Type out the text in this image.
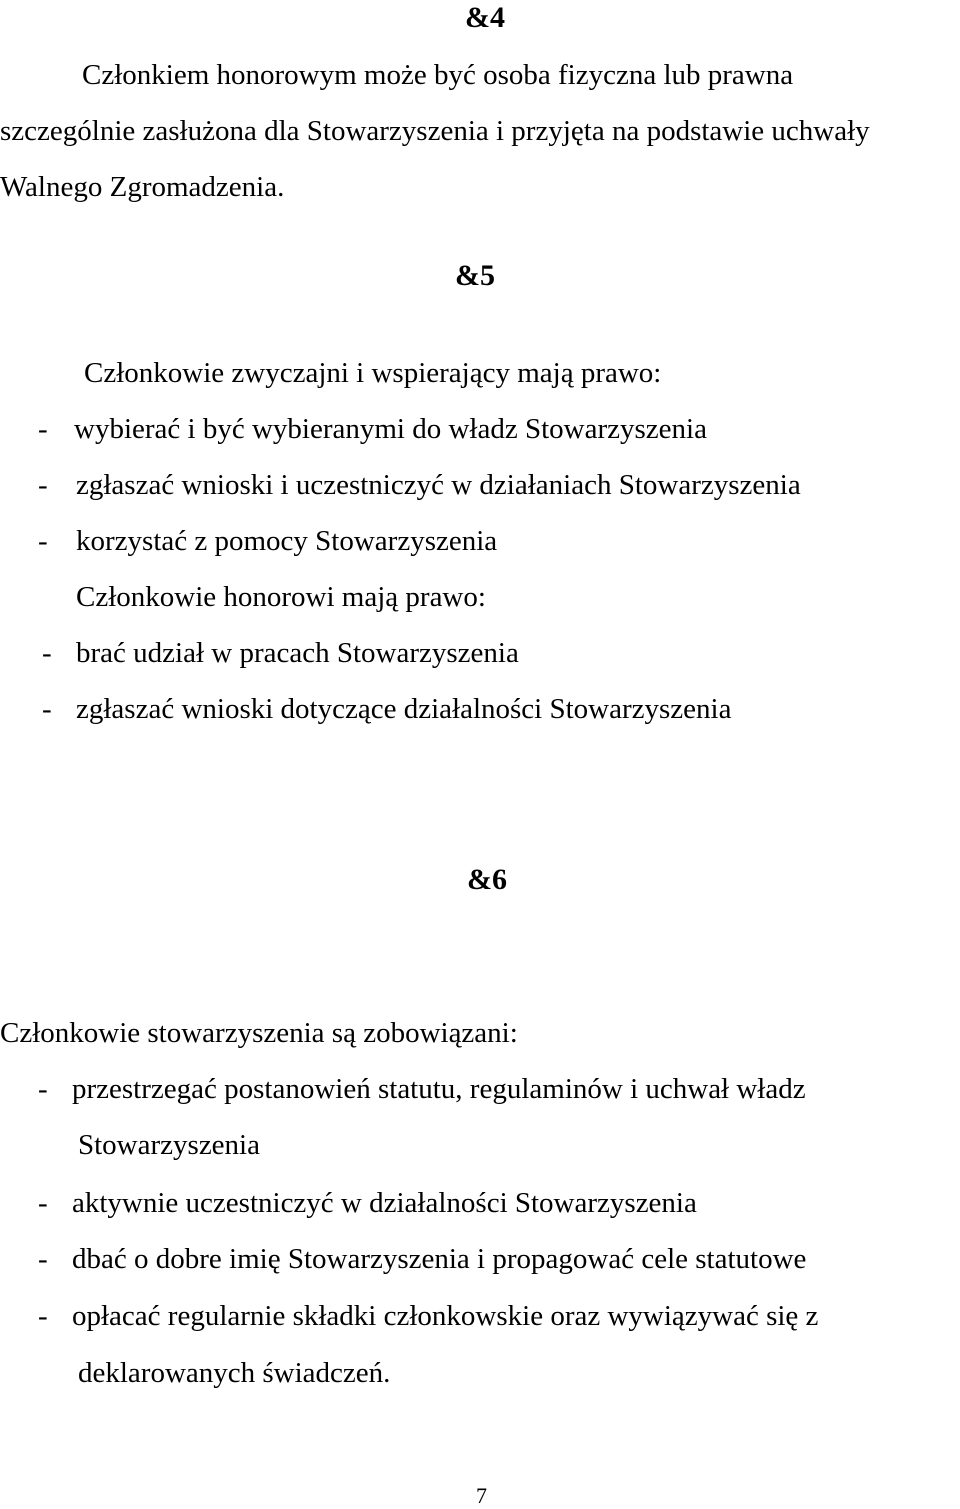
&4
Członkiem honorowym może być osoba fizyczna lub prawna
szczególnie zasłużona dla Stowarzyszenia i przyjęta na podstawie uchwały
Walnego Zgromadzenia.
&5
Członkowie zwyczajni i wspierający mają prawo:
- wybierać i być wybieranymi do władz Stowarzyszenia
- zgłaszać wnioski i uczestniczyć w działaniach Stowarzyszenia
- korzystać z pomocy Stowarzyszenia
Członkowie honorowi mają prawo:
- brać udział w pracach Stowarzyszenia
- zgłaszać wnioski dotyczące działalności Stowarzyszenia
&6
Członkowie stowarzyszenia są zobowiązani:
- przestrzegać postanowień statutu, regulaminów i uchwał władz
Stowarzyszenia
- aktywnie uczestniczyć w działalności Stowarzyszenia
- dbać o dobre imię Stowarzyszenia i propagować cele statutowe
- opłacać regularnie składki członkowskie oraz wywiązywać się z
deklarowanych świadczeń.
7
